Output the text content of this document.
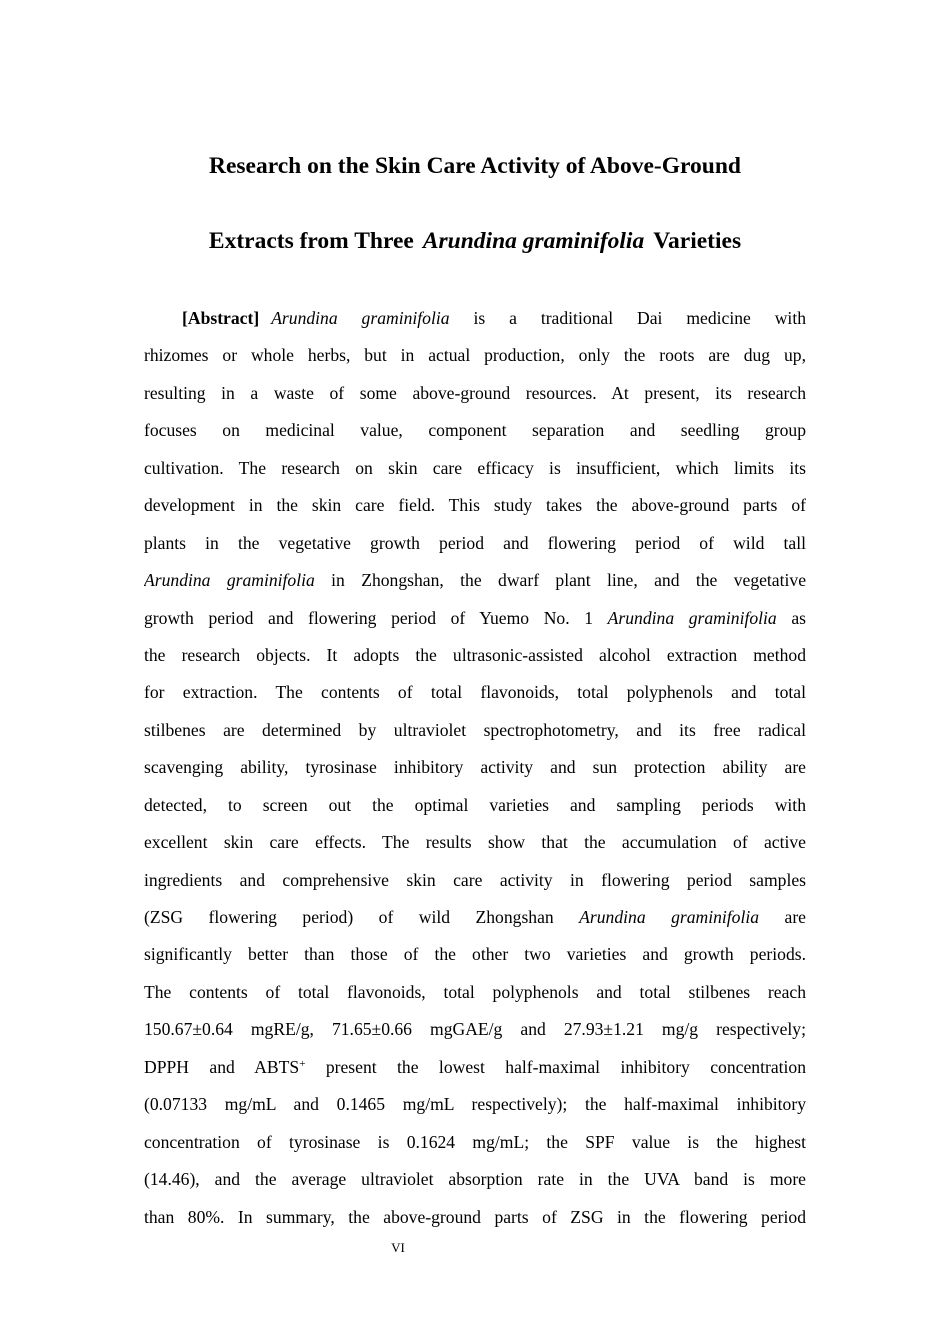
Research on the Skin Care Activity of Above-Ground
Extracts from Three Arundina graminifolia Varieties
[Abstract] Arundina graminifolia is a traditional Dai medicine with
rhizomes or whole herbs, but in actual production, only the roots are dug up,
resulting in a waste of some above-ground resources. At present, its research
focuses on medicinal value, component separation and seedling group
cultivation. The research on skin care efficacy is insufficient, which limits its
development in the skin care field. This study takes the above-ground parts of
plants in the vegetative growth period and flowering period of wild tall
Arundina graminifolia in Zhongshan, the dwarf plant line, and the vegetative
growth period and flowering period of Yuemo No. 1 Arundina graminifolia as
the research objects. It adopts the ultrasonic-assisted alcohol extraction method
for extraction. The contents of total flavonoids, total polyphenols and total
stilbenes are determined by ultraviolet spectrophotometry, and its free radical
scavenging ability, tyrosinase inhibitory activity and sun protection ability are
detected, to screen out the optimal varieties and sampling periods with
excellent skin care effects. The results show that the accumulation of active
ingredients and comprehensive skin care activity in flowering period samples
(ZSG flowering period) of wild Zhongshan Arundina graminifolia are
significantly better than those of the other two varieties and growth periods.
The contents of total flavonoids, total polyphenols and total stilbenes reach
150.67±0.64 mgRE/g, 71.65±0.66 mgGAE/g and 27.93±1.21 mg/g respectively;
DPPH and ABTS+ present the lowest half-maximal inhibitory concentration
(0.07133 mg/mL and 0.1465 mg/mL respectively); the half-maximal inhibitory
concentration of tyrosinase is 0.1624 mg/mL; the SPF value is the highest
(14.46), and the average ultraviolet absorption rate in the UVA band is more
than 80%. In summary, the above-ground parts of ZSG in the flowering period
VI
